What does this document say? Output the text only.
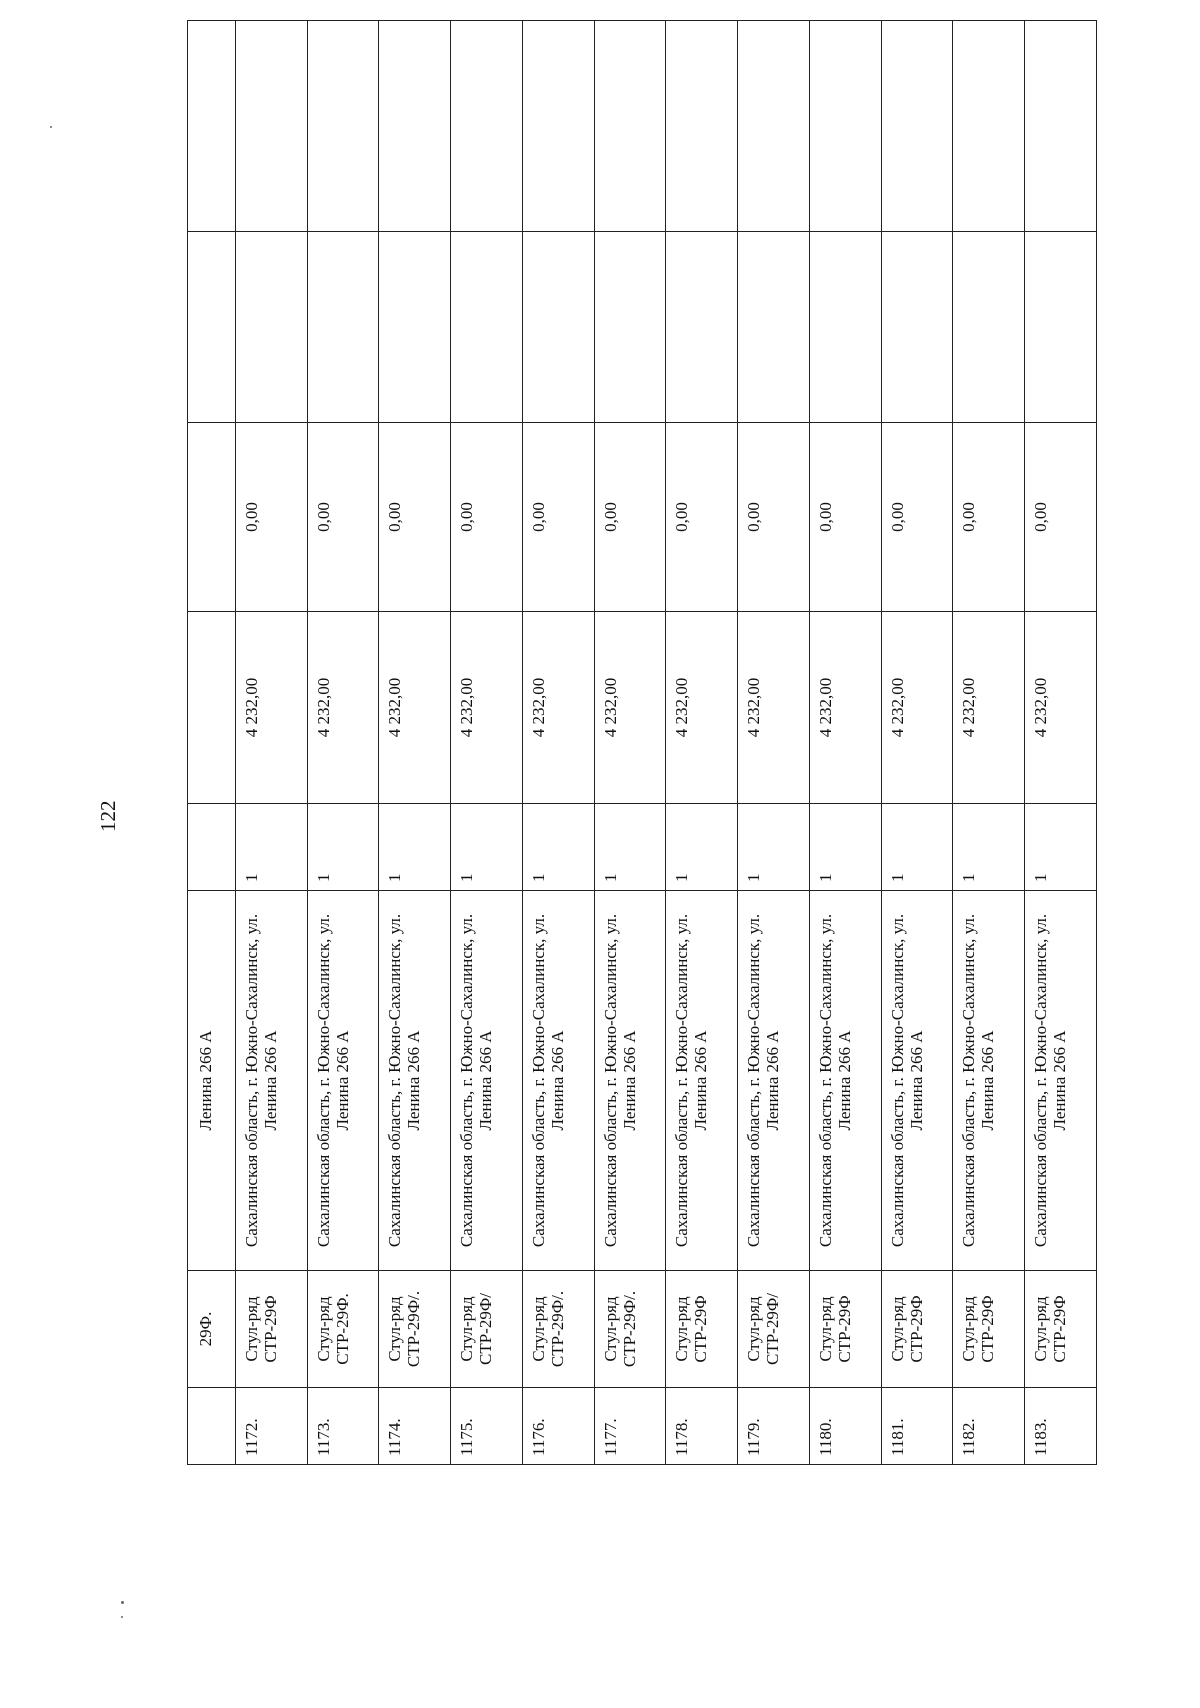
122
	29Ф.	Ленина 266 А					
1172.	Стул-ряд СТР-29Ф	Сахалинская область, г. Южно-Сахалинск, ул. Ленина 266 А	1	4 232,00	0,00		
1173.	Стул-ряд СТР-29Ф.	Сахалинская область, г. Южно-Сахалинск, ул. Ленина 266 А	1	4 232,00	0,00		
1174.	Стул-ряд СТР-29Ф/.	Сахалинская область, г. Южно-Сахалинск, ул. Ленина 266 А	1	4 232,00	0,00		
1175.	Стул-ряд СТР-29Ф/	Сахалинская область, г. Южно-Сахалинск, ул. Ленина 266 А	1	4 232,00	0,00		
1176.	Стул-ряд СТР-29Ф/.	Сахалинская область, г. Южно-Сахалинск, ул. Ленина 266 А	1	4 232,00	0,00		
1177.	Стул-ряд СТР-29Ф/.	Сахалинская область, г. Южно-Сахалинск, ул. Ленина 266 А	1	4 232,00	0,00		
1178.	Стул-ряд СТР-29Ф	Сахалинская область, г. Южно-Сахалинск, ул. Ленина 266 А	1	4 232,00	0,00		
1179.	Стул-ряд СТР-29Ф/	Сахалинская область, г. Южно-Сахалинск, ул. Ленина 266 А	1	4 232,00	0,00		
1180.	Стул-ряд СТР-29Ф	Сахалинская область, г. Южно-Сахалинск, ул. Ленина 266 А	1	4 232,00	0,00		
1181.	Стул-ряд СТР-29Ф	Сахалинская область, г. Южно-Сахалинск, ул. Ленина 266 А	1	4 232,00	0,00		
1182.	Стул-ряд СТР-29Ф	Сахалинская область, г. Южно-Сахалинск, ул. Ленина 266 А	1	4 232,00	0,00		
1183.	Стул-ряд СТР-29Ф	Сахалинская область, г. Южно-Сахалинск, ул. Ленина 266 А	1	4 232,00	0,00		
